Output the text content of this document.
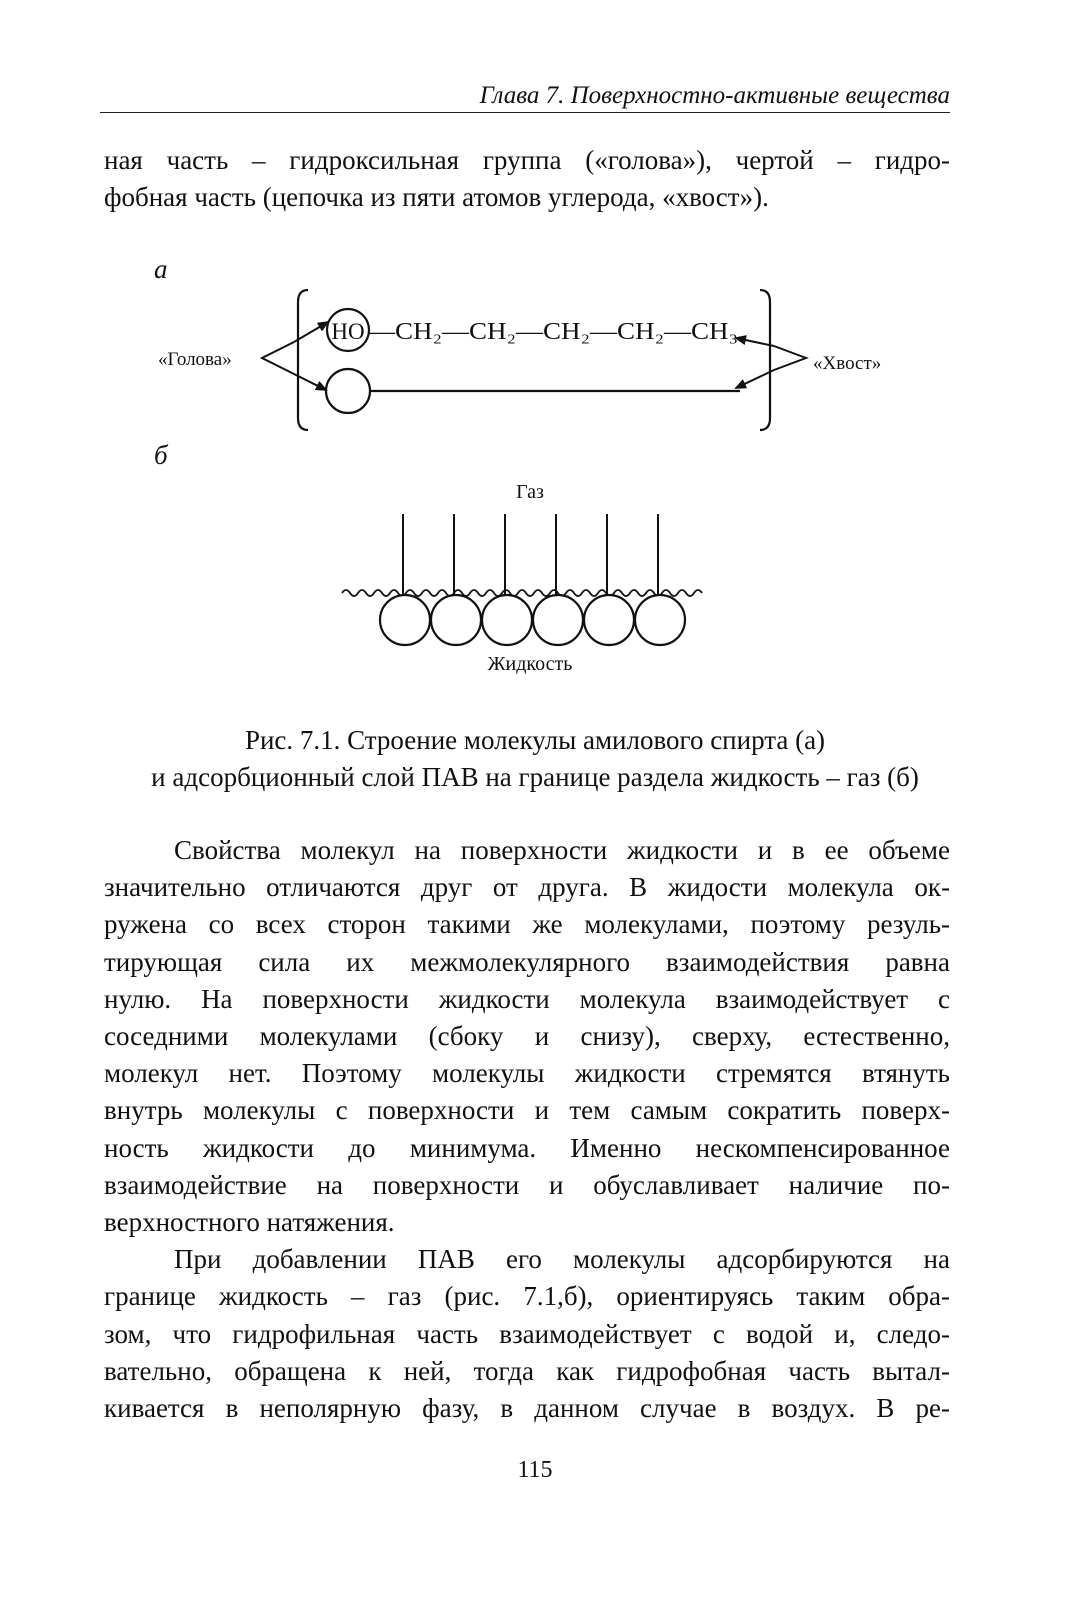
Глава 7. Поверхностно-активные вещества
ная часть – гидроксильная группа («голова»), чертой – гидро-
фобная часть (цепочка из пяти атомов углерода, «хвост»).
а
б
«Голова»	«Хвост»
HO —CH₂—CH₂—CH₂—CH₂—CH₃
Газ
Жидкость
Рис. 7.1. Строение молекулы амилового спирта (а)
и адсорбционный слой ПАВ на границе раздела жидкость – газ (б)
Свойства молекул на поверхности жидкости и в ее объеме
значительно отличаются друг от друга. В жидости молекула ок-
ружена со всех сторон такими же молекулами, поэтому резуль-
тирующая сила их межмолекулярного взаимодействия равна
нулю. На поверхности жидкости молекула взаимодействует с
соседними молекулами (сбоку и снизу), сверху, естественно,
молекул нет. Поэтому молекулы жидкости стремятся втянуть
внутрь молекулы с поверхности и тем самым сократить поверх-
ность жидкости до минимума. Именно нескомпенсированное
взаимодействие на поверхности и обуславливает наличие по-
верхностного натяжения.
При добавлении ПАВ его молекулы адсорбируются на
границе жидкость – газ (рис. 7.1,б), ориентируясь таким обра-
зом, что гидрофильная часть взаимодействует с водой и, следо-
вательно, обращена к ней, тогда как гидрофобная часть вытал-
кивается в неполярную фазу, в данном случае в воздух. В ре-
115
